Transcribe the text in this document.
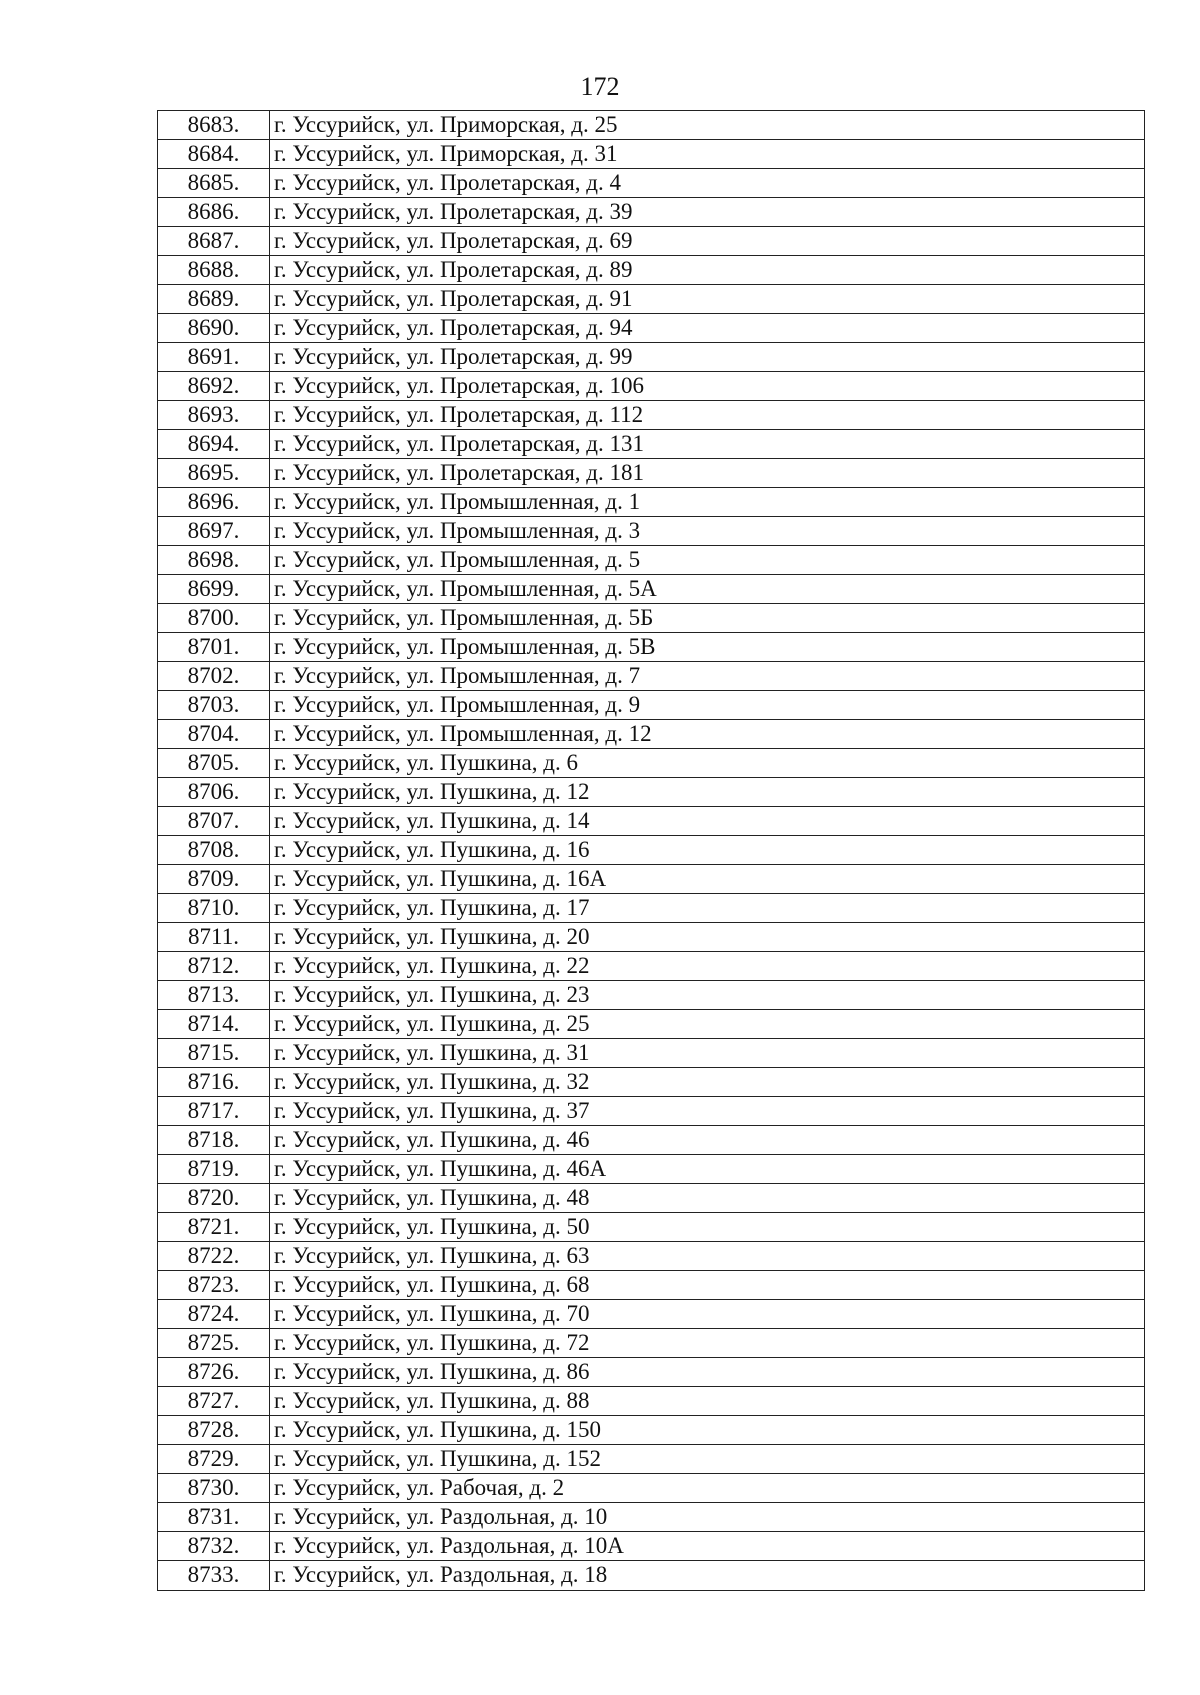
172
8683.	г. Уссурийск, ул. Приморская, д. 25
8684.	г. Уссурийск, ул. Приморская, д. 31
8685.	г. Уссурийск, ул. Пролетарская, д. 4
8686.	г. Уссурийск, ул. Пролетарская, д. 39
8687.	г. Уссурийск, ул. Пролетарская, д. 69
8688.	г. Уссурийск, ул. Пролетарская, д. 89
8689.	г. Уссурийск, ул. Пролетарская, д. 91
8690.	г. Уссурийск, ул. Пролетарская, д. 94
8691.	г. Уссурийск, ул. Пролетарская, д. 99
8692.	г. Уссурийск, ул. Пролетарская, д. 106
8693.	г. Уссурийск, ул. Пролетарская, д. 112
8694.	г. Уссурийск, ул. Пролетарская, д. 131
8695.	г. Уссурийск, ул. Пролетарская, д. 181
8696.	г. Уссурийск, ул. Промышленная, д. 1
8697.	г. Уссурийск, ул. Промышленная, д. 3
8698.	г. Уссурийск, ул. Промышленная, д. 5
8699.	г. Уссурийск, ул. Промышленная, д. 5А
8700.	г. Уссурийск, ул. Промышленная, д. 5Б
8701.	г. Уссурийск, ул. Промышленная, д. 5В
8702.	г. Уссурийск, ул. Промышленная, д. 7
8703.	г. Уссурийск, ул. Промышленная, д. 9
8704.	г. Уссурийск, ул. Промышленная, д. 12
8705.	г. Уссурийск, ул. Пушкина, д. 6
8706.	г. Уссурийск, ул. Пушкина, д. 12
8707.	г. Уссурийск, ул. Пушкина, д. 14
8708.	г. Уссурийск, ул. Пушкина, д. 16
8709.	г. Уссурийск, ул. Пушкина, д. 16А
8710.	г. Уссурийск, ул. Пушкина, д. 17
8711.	г. Уссурийск, ул. Пушкина, д. 20
8712.	г. Уссурийск, ул. Пушкина, д. 22
8713.	г. Уссурийск, ул. Пушкина, д. 23
8714.	г. Уссурийск, ул. Пушкина, д. 25
8715.	г. Уссурийск, ул. Пушкина, д. 31
8716.	г. Уссурийск, ул. Пушкина, д. 32
8717.	г. Уссурийск, ул. Пушкина, д. 37
8718.	г. Уссурийск, ул. Пушкина, д. 46
8719.	г. Уссурийск, ул. Пушкина, д. 46А
8720.	г. Уссурийск, ул. Пушкина, д. 48
8721.	г. Уссурийск, ул. Пушкина, д. 50
8722.	г. Уссурийск, ул. Пушкина, д. 63
8723.	г. Уссурийск, ул. Пушкина, д. 68
8724.	г. Уссурийск, ул. Пушкина, д. 70
8725.	г. Уссурийск, ул. Пушкина, д. 72
8726.	г. Уссурийск, ул. Пушкина, д. 86
8727.	г. Уссурийск, ул. Пушкина, д. 88
8728.	г. Уссурийск, ул. Пушкина, д. 150
8729.	г. Уссурийск, ул. Пушкина, д. 152
8730.	г. Уссурийск, ул. Рабочая, д. 2
8731.	г. Уссурийск, ул. Раздольная, д. 10
8732.	г. Уссурийск, ул. Раздольная, д. 10А
8733.	г. Уссурийск, ул. Раздольная, д. 18
